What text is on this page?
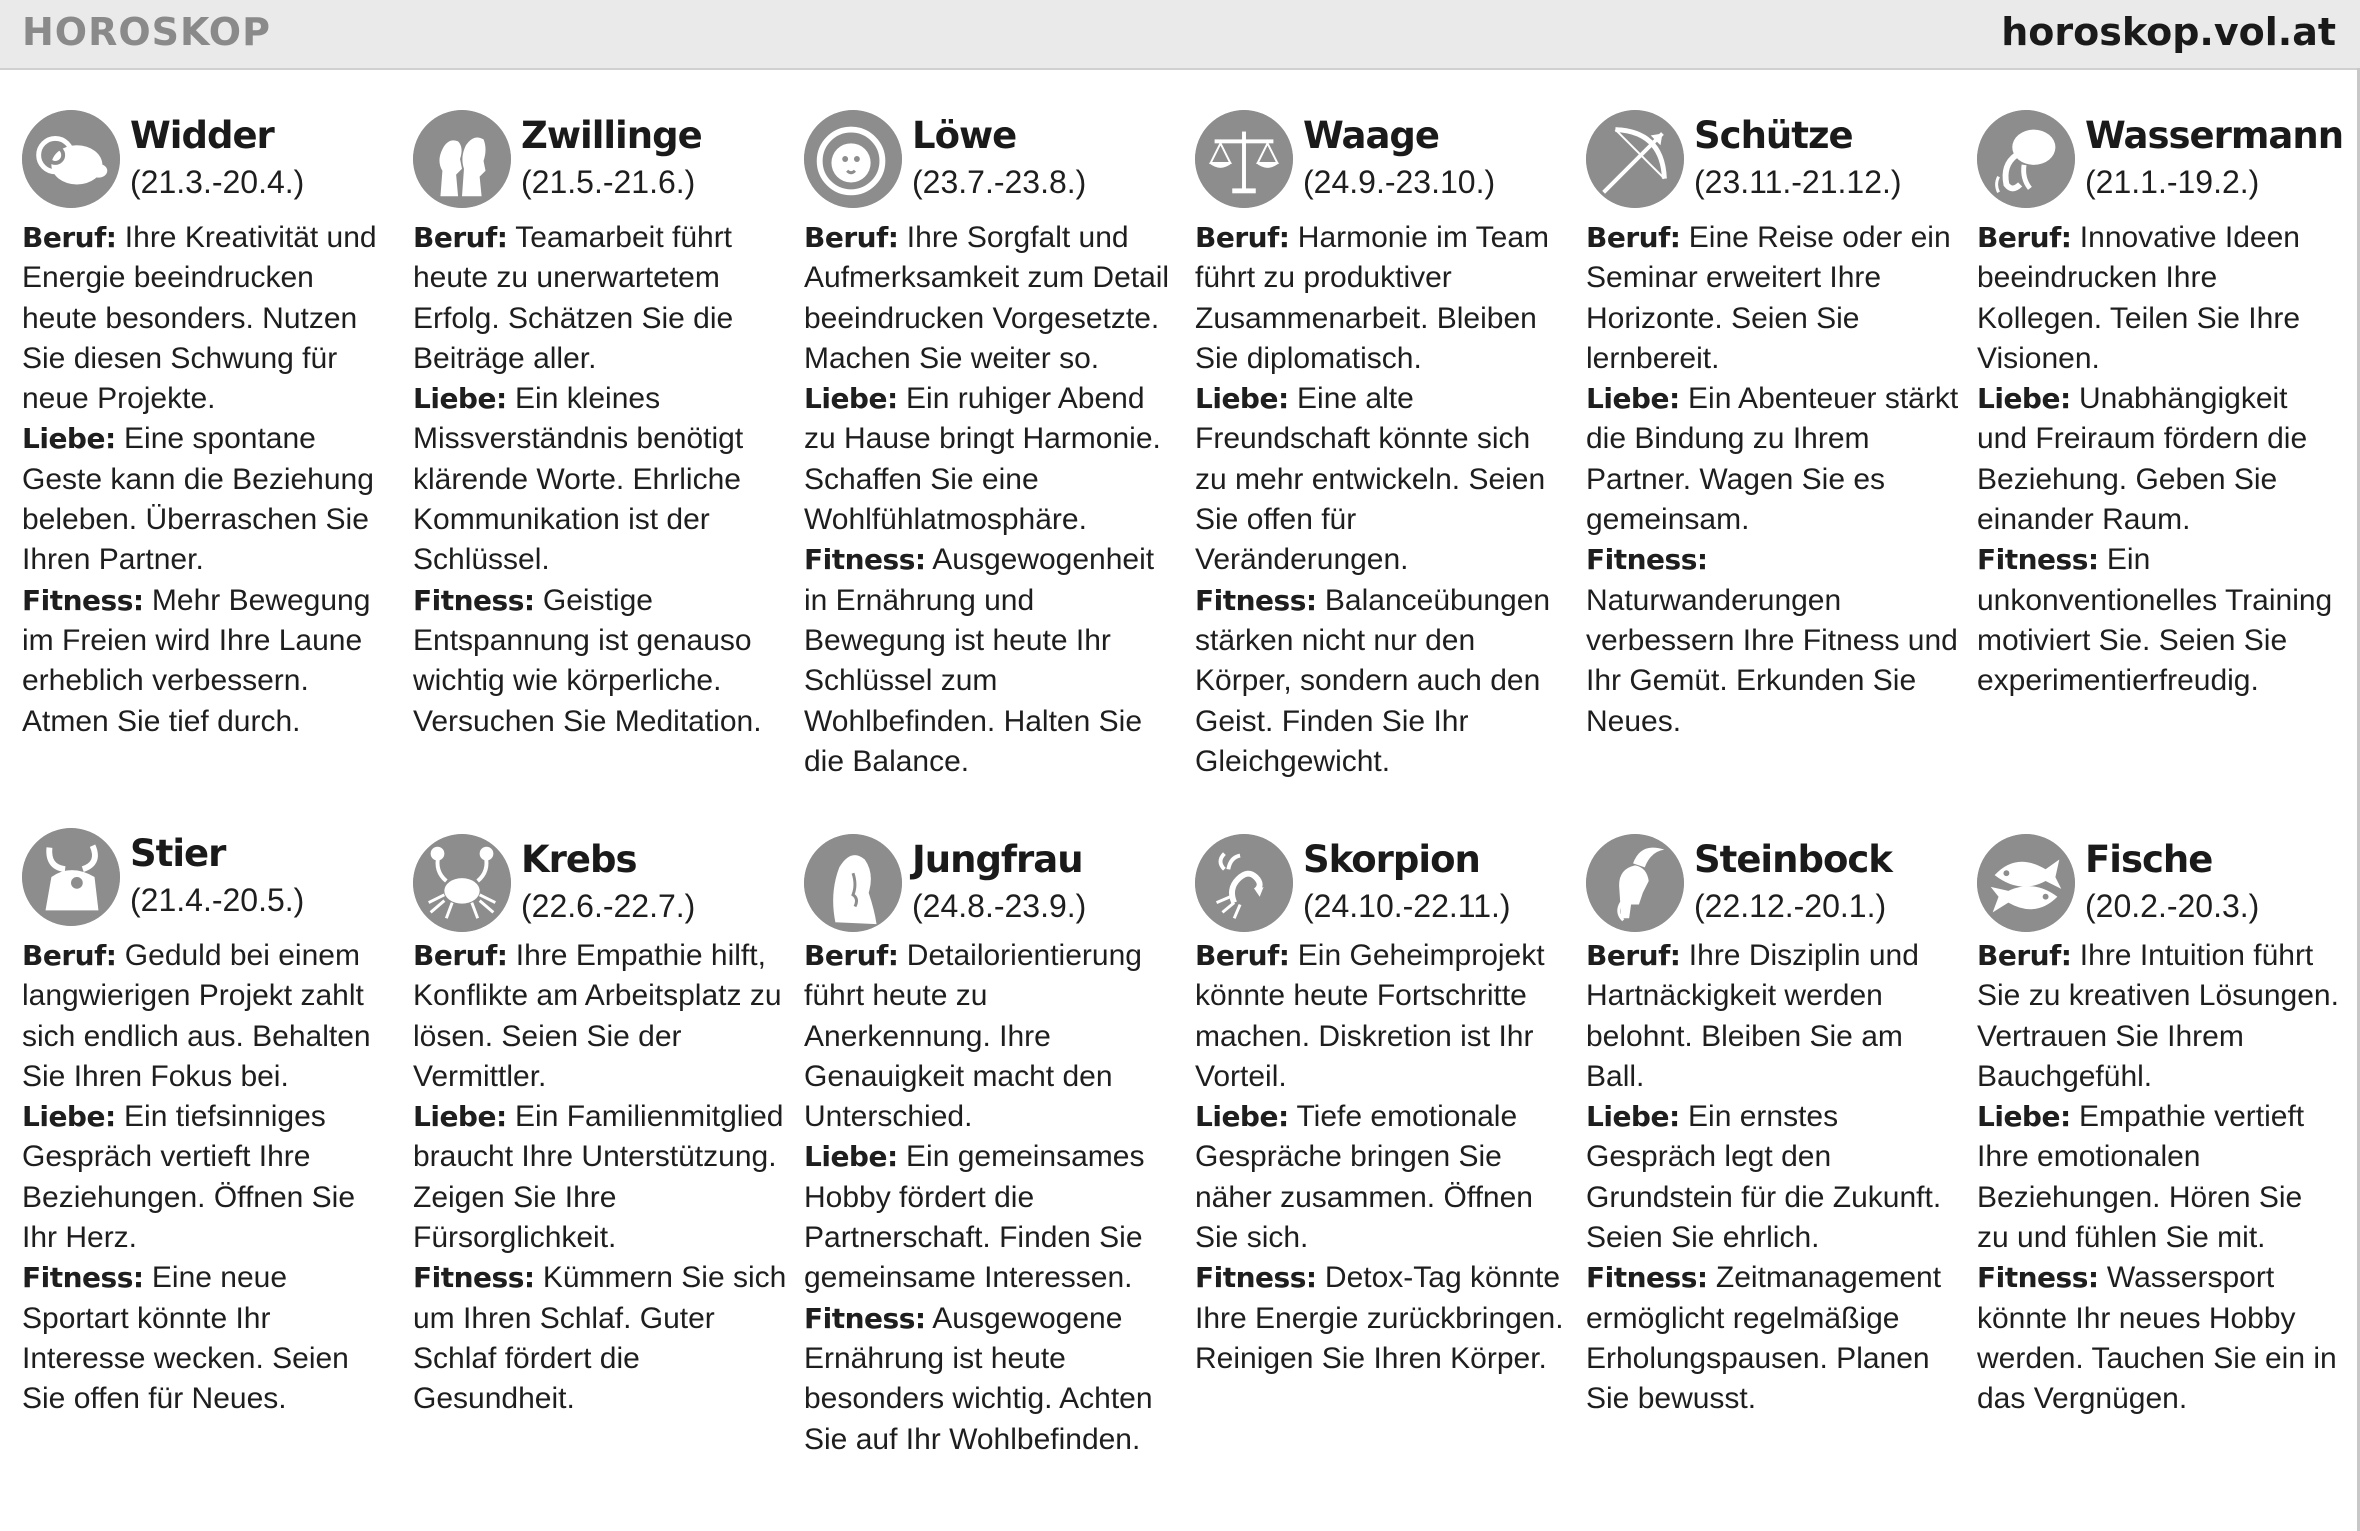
HOROSKOP	horoskop.vol.at
Widder
(21.3.-20.4.)

Beruf: Ihre Kreativität und Energie beeindrucken heute besonders. Nutzen Sie diesen Schwung für neue Projekte.

Liebe: Eine spontane Geste kann die Beziehung beleben. Überraschen Sie Ihren Partner.

Fitness: Mehr Bewegung im Freien wird Ihre Laune erheblich verbessern. Atmen Sie tief durch.

Zwillinge
(21.5.-21.6.)

Beruf: Teamarbeit führt heute zu unerwartetem Erfolg. Schätzen Sie die Beiträge aller.

Liebe: Ein kleines Missverständnis benötigt klärende Worte. Ehrliche Kommunikation ist der Schlüssel.

Fitness: Geistige Entspannung ist genauso wichtig wie körperliche. Versuchen Sie Meditation.

Löwe
(23.7.-23.8.)

Beruf: Ihre Sorgfalt und Aufmerksamkeit zum Detail beeindrucken Vorgesetzte. Machen Sie weiter so. Liebe: Ein ruhiger Abend zu Hause bringt Harmonie. Schaffen Sie eine Wohlfühlatmosphäre. Fitness: Ausgewogenheit in Ernährung und Bewegung ist heute Ihr Schlüssel zum Wohlbefinden. Halten Sie die Balance.

Waage
(24.9.-23.10.)

Beruf: Harmonie im Team führt zu produktiver Zusammenarbeit. Bleiben Sie diplomatisch.

Liebe: Eine alte Freundschaft könnte sich zu mehr entwickeln. Seien Sie offen für Veränderungen.

Fitness: Balanceübungen stärken nicht nur den Körper, sondern auch den Geist. Finden Sie Ihr Gleichgewicht.

Schütze
(23.11.-21.12.)

Beruf: Eine Reise oder ein Seminar erweitert Ihre Horizonte. Seien Sie lernbereit.

Liebe: Ein Abenteuer stärkt die Bindung zu Ihrem Partner. Wagen Sie es gemeinsam.

Fitness: Naturwanderungen verbessern Ihre Fitness und Ihr Gemüt. Erkunden Sie Neues.

Wassermann
(21.1.-19.2.)

Beruf: Innovative Ideen beeindrucken Ihre Kollegen. Teilen Sie Ihre Visionen.

Liebe: Unabhängigkeit und Freiraum fördern die Beziehung. Geben Sie einander Raum.

Fitness: Ein unkonventionelles Training motiviert Sie. Seien Sie experimentierfreudig.

Stier
(21.4.-20.5.)

Beruf: Geduld bei einem langwierigen Projekt zahlt sich endlich aus. Behalten Sie Ihren Fokus bei.

Liebe: Ein tiefsinniges Gespräch vertieft Ihre Beziehungen. Öffnen Sie Ihr Herz.

Fitness: Eine neue Sportart könnte Ihr Interesse wecken. Seien Sie offen für Neues.

Krebs
(22.6.-22.7.)

Beruf: Ihre Empathie hilft, Konflikte am Arbeitsplatz zu lösen. Seien Sie der Vermittler.

Liebe: Ein Familienmitglied braucht Ihre Unterstützung. Zeigen Sie Ihre Fürsorglichkeit.

Fitness: Kümmern Sie sich um Ihren Schlaf. Guter Schlaf fördert die Gesundheit.

Jungfrau
(24.8.-23.9.)

Beruf: Detailorientierung führt heute zu Anerkennung. Ihre Genauigkeit macht den Unterschied.

Liebe: Ein gemeinsames Hobby fördert die Partnerschaft. Finden Sie gemeinsame Interessen.

Fitness: Ausgewogene Ernährung ist heute besonders wichtig. Achten Sie auf Ihr Wohlbefinden.

Skorpion
(24.10.-22.11.)

Beruf: Ein Geheimprojekt könnte heute Fortschritte machen. Diskretion ist Ihr Vorteil.

Liebe: Tiefe emotionale Gespräche bringen Sie näher zusammen. Öffnen Sie sich.

Fitness: Detox-Tag könnte Ihre Energie zurückbringen. Reinigen Sie Ihren Körper.

Steinbock
(22.12.-20.1.)

Beruf: Ihre Disziplin und Hartnäckigkeit werden belohnt. Bleiben Sie am Ball.

Liebe: Ein ernstes Gespräch legt den Grundstein für die Zukunft. Seien Sie ehrlich.

Fitness: Zeitmanagement ermöglicht regelmäßige Erholungspausen. Planen Sie bewusst.

Fische
(20.2.-20.3.)

Beruf: Ihre Intuition führt Sie zu kreativen Lösungen. Vertrauen Sie Ihrem Bauchgefühl.

Liebe: Empathie vertieft Ihre emotionalen Beziehungen. Hören Sie zu und fühlen Sie mit.

Fitness: Wassersport könnte Ihr neues Hobby werden. Tauchen Sie ein in das Vergnügen.
